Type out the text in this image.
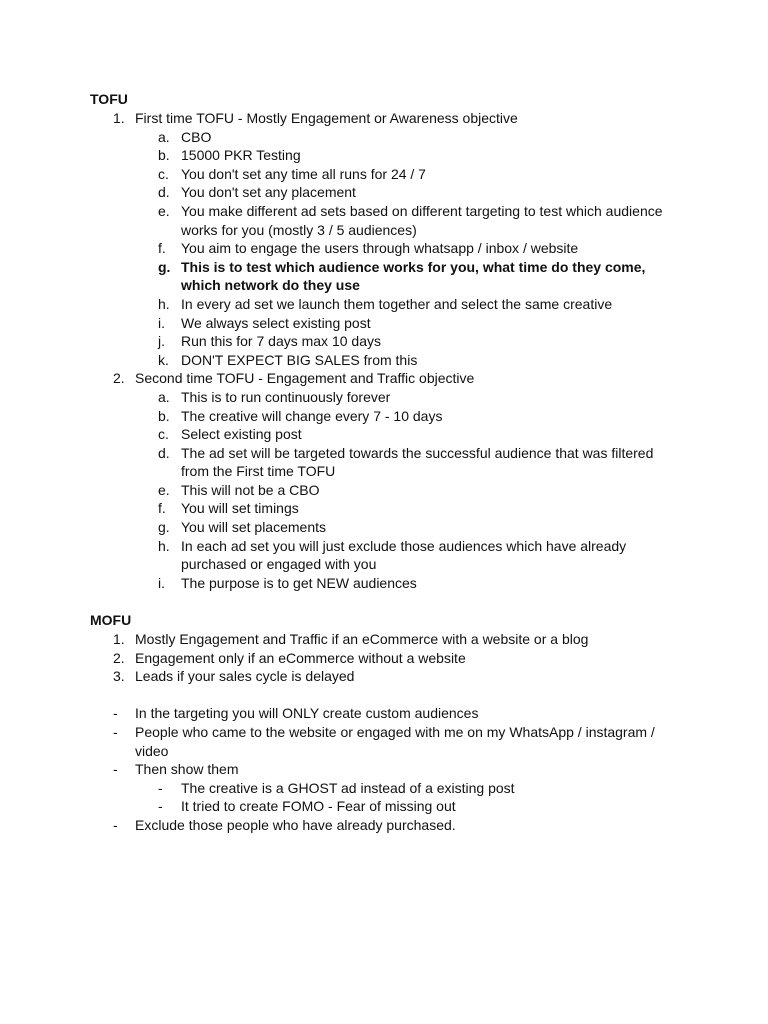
TOFU
1. First time TOFU - Mostly Engagement or Awareness objective
a. CBO
b. 15000 PKR Testing
c. You don't set any time all runs for 24 / 7
d. You don't set any placement
e. You make different ad sets based on different targeting to test which audience works for you (mostly 3 / 5 audiences)
f. You aim to engage the users through whatsapp / inbox / website
g. This is to test which audience works for you, what time do they come, which network do they use
h. In every ad set we launch them together and select the same creative
i. We always select existing post
j. Run this for 7 days max 10 days
k. DON'T EXPECT BIG SALES from this
2. Second time TOFU - Engagement and Traffic objective
a. This is to run continuously forever
b. The creative will change every 7 - 10 days
c. Select existing post
d. The ad set will be targeted towards the successful audience that was filtered from the First time TOFU
e. This will not be a CBO
f. You will set timings
g. You will set placements
h. In each ad set you will just exclude those audiences which have already purchased or engaged with you
i. The purpose is to get NEW audiences
MOFU
1. Mostly Engagement and Traffic if an eCommerce with a website or a blog
2. Engagement only if an eCommerce without a website
3. Leads if your sales cycle is delayed
- In the targeting you will ONLY create custom audiences
- People who came to the website or engaged with me on my WhatsApp / instagram / video
- Then show them
- The creative is a GHOST ad instead of a existing post
- It tried to create FOMO - Fear of missing out
- Exclude those people who have already purchased.
